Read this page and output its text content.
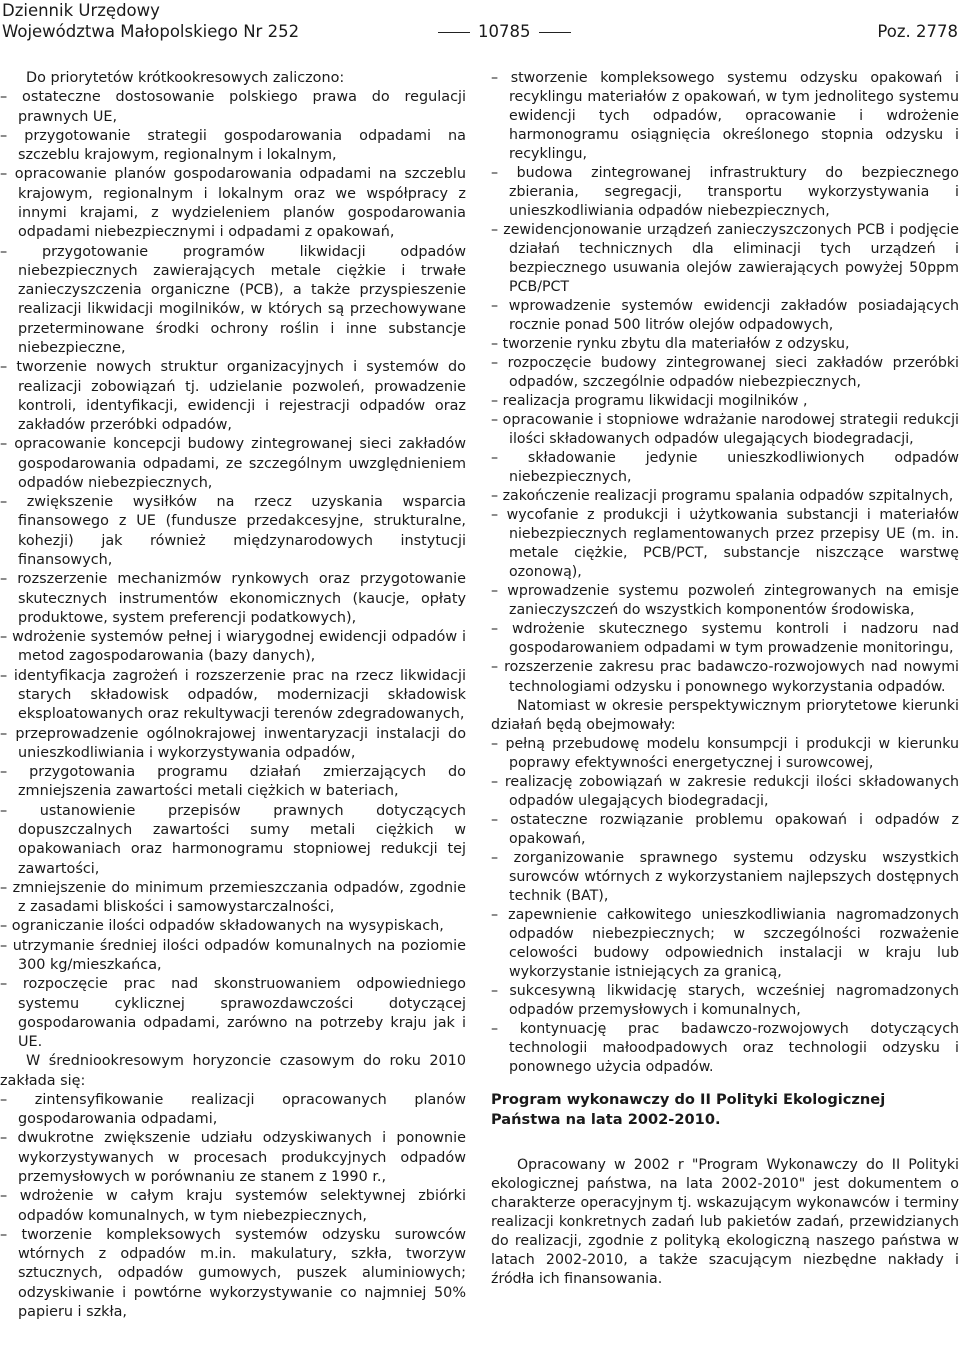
Dziennik Urzędowy
Województwa Małopolskiego Nr 252	10785	Poz. 2778

Do priorytetów krótkookresowych zaliczono:

– ostateczne dostosowanie polskiego prawa do regulacji prawnych UE,

– przygotowanie strategii gospodarowania odpadami na szczeblu krajowym, regionalnym i lokalnym,

– opracowanie planów gospodarowania odpadami na szczeblu krajowym, regionalnym i lokalnym oraz we współpracy z innymi krajami, z wydzieleniem planów gospodarowania odpadami niebezpiecznymi i odpadami z opakowań,

– przygotowanie programów likwidacji odpadów niebezpiecznych zawierających metale ciężkie i trwałe zanieczyszczenia organiczne (PCB), a także przyspieszenie realizacji likwidacji mogilników, w których są przechowywane przeterminowane środki ochrony roślin i inne substancje niebezpieczne,

– tworzenie nowych struktur organizacyjnych i systemów do realizacji zobowiązań tj. udzielanie pozwoleń, prowadzenie kontroli, identyfikacji, ewidencji i rejestracji odpadów oraz zakładów przeróbki odpadów,

– opracowanie koncepcji budowy zintegrowanej sieci zakładów gospodarowania odpadami, ze szczególnym uwzględnieniem odpadów niebezpiecznych,

– zwiększenie wysiłków na rzecz uzyskania wsparcia finansowego z UE (fundusze przedakcesyjne, strukturalne, kohezji) jak również międzynarodowych instytucji finansowych,

– rozszerzenie mechanizmów rynkowych oraz przygotowanie skutecznych instrumentów ekonomicznych (kaucje, opłaty produktowe, system preferencji podatkowych),

– wdrożenie systemów pełnej i wiarygodnej ewidencji odpadów i metod zagospodarowania (bazy danych),

– identyfikacja zagrożeń i rozszerzenie prac na rzecz likwidacji starych składowisk odpadów, modernizacji składowisk eksploatowanych oraz rekultywacji terenów zdegradowanych,

– przeprowadzenie ogólnokrajowej inwentaryzacji instalacji do unieszkodliwiania i wykorzystywania odpadów,

– przygotowania programu działań zmierzających do zmniejszenia zawartości metali ciężkich w bateriach,

– ustanowienie przepisów prawnych dotyczących dopuszczalnych zawartości sumy metali ciężkich w opakowaniach oraz harmonogramu stopniowej redukcji tej zawartości,

– zmniejszenie do minimum przemieszczania odpadów, zgodnie z zasadami bliskości i samowystarczalności,

– ograniczanie ilości odpadów składowanych na wysypiskach,

– utrzymanie średniej ilości odpadów komunalnych na poziomie 300 kg/mieszkańca,

– rozpoczęcie prac nad skonstruowaniem odpowiedniego systemu cyklicznej sprawozdawczości dotyczącej gospodarowania odpadami, zarówno na potrzeby kraju jak i UE.

W średniookresowym horyzoncie czasowym do roku 2010 zakłada się:

– zintensyfikowanie realizacji opracowanych planów gospodarowania odpadami,

– dwukrotne zwiększenie udziału odzyskiwanych i ponownie wykorzystywanych w procesach produkcyjnych odpadów przemysłowych w porównaniu ze stanem z 1990 r.,

– wdrożenie w całym kraju systemów selektywnej zbiórki odpadów komunalnych, w tym niebezpiecznych,

– tworzenie kompleksowych systemów odzysku surowców wtórnych z odpadów m.in. makulatury, szkła, tworzyw sztucznych, odpadów gumowych, puszek aluminiowych; odzyskiwanie i powtórne wykorzystywanie co najmniej 50% papieru i szkła,

– stworzenie kompleksowego systemu odzysku opakowań i recyklingu materiałów z opakowań, w tym jednolitego systemu ewidencji tych odpadów, opracowanie i wdrożenie harmonogramu osiągnięcia określonego stopnia odzysku i recyklingu,

– budowa zintegrowanej infrastruktury do bezpiecznego zbierania, segregacji, transportu wykorzystywania i unieszkodliwiania odpadów niebezpiecznych,

– zewidencjonowanie urządzeń zanieczyszczonych PCB i podjęcie działań technicznych dla eliminacji tych urządzeń i bezpiecznego usuwania olejów zawierających powyżej 50ppm PCB/PCT

– wprowadzenie systemów ewidencji zakładów posiadających rocznie ponad 500 litrów olejów odpadowych,

– tworzenie rynku zbytu dla materiałów z odzysku,

– rozpoczęcie budowy zintegrowanej sieci zakładów przeróbki odpadów, szczególnie odpadów niebezpiecznych,

– realizacja programu likwidacji mogilników ,

– opracowanie i stopniowe wdrażanie narodowej strategii redukcji ilości składowanych odpadów ulegających biodegradacji,

– składowanie jedynie unieszkodliwionych odpadów niebezpiecznych,

– zakończenie realizacji programu spalania odpadów szpitalnych,

– wycofanie z produkcji i użytkowania substancji i materiałów niebezpiecznych reglamentowanych przez przepisy UE (m. in. metale ciężkie, PCB/PCT, substancje niszczące warstwę ozonową),

– wprowadzenie systemu pozwoleń zintegrowanych na emisje zanieczyszczeń do wszystkich komponentów środowiska,

– wdrożenie skutecznego systemu kontroli i nadzoru nad gospodarowaniem odpadami w tym prowadzenie monitoringu,

– rozszerzenie zakresu prac badawczo-rozwojowych nad nowymi technologiami odzysku i ponownego wykorzystania odpadów.

Natomiast w okresie perspektywicznym priorytetowe kierunki działań będą obejmowały:

– pełną przebudowę modelu konsumpcji i produkcji w kierunku poprawy efektywności energetycznej i surowcowej,

– realizację zobowiązań w zakresie redukcji ilości składowanych odpadów ulegających biodegradacji,

– ostateczne rozwiązanie problemu opakowań i odpadów z opakowań,

– zorganizowanie sprawnego systemu odzysku wszystkich surowców wtórnych z wykorzystaniem najlepszych dostępnych technik (BAT),

– zapewnienie całkowitego unieszkodliwiania nagromadzonych odpadów niebezpiecznych; w szczególności rozważenie celowości budowy odpowiednich instalacji w kraju lub wykorzystanie istniejących za granicą,

– sukcesywną likwidację starych, wcześniej nagromadzonych odpadów przemysłowych i komunalnych,

– kontynuację prac badawczo-rozwojowych dotyczących technologii małoodpadowych oraz technologii odzysku i ponownego użycia odpadów.

Program wykonawczy do II Polityki Ekologicznej Państwa na lata 2002-2010.

Opracowany w 2002 r "Program Wykonawczy do II Polityki ekologicznej państwa, na lata 2002-2010" jest dokumentem o charakterze operacyjnym tj. wskazującym wykonawców i terminy realizacji konkretnych zadań lub pakietów zadań, przewidzianych do realizacji, zgodnie z polityką ekologiczną naszego państwa w latach 2002-2010, a także szacującym niezbędne nakłady i źródła ich finansowania.
